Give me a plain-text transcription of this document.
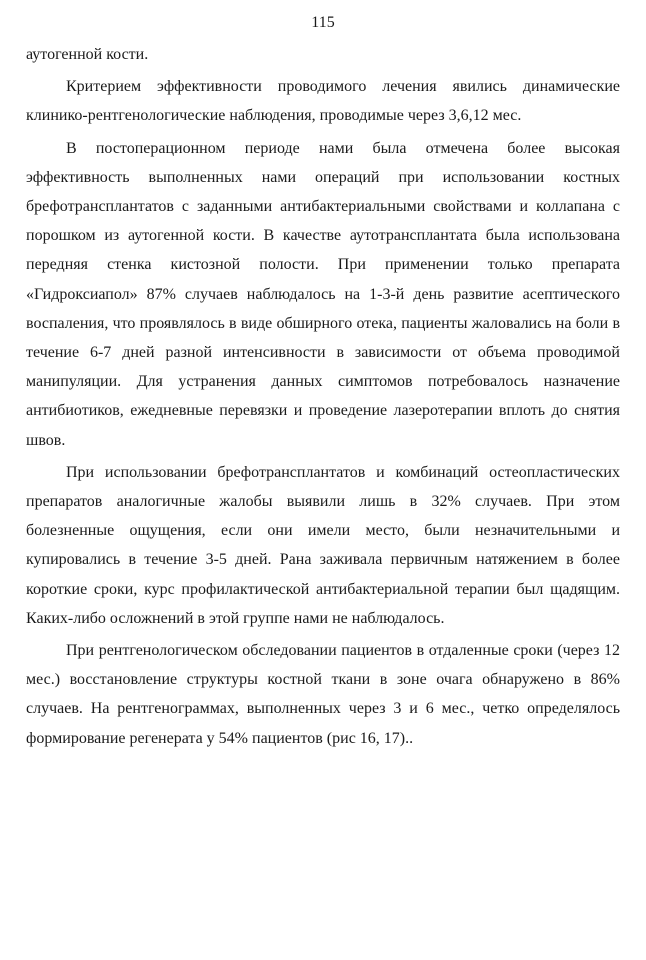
115

аутогенной кости.

Критерием эффективности проводимого лечения явились динамические клинико-рентгенологические наблюдения, проводимые через 3,6,12 мес.

В постоперационном периоде нами была отмечена более высокая эффективность выполненных нами операций при использовании костных брефотрансплантатов с заданными антибактериальными свойствами и коллапана с порошком из аутогенной кости. В качестве аутотрансплантата была использована передняя стенка кистозной полости. При применении только препарата «Гидроксиапол» 87% случаев наблюдалось на 1-3-й день развитие асептического воспаления, что проявлялось в виде обширного отека, пациенты жаловались на боли в течение 6-7 дней разной интенсивности в зависимости от объема проводимой манипуляции. Для устранения данных симптомов потребовалось назначение антибиотиков, ежедневные перевязки и проведение лазеротерапии вплоть до снятия швов.

При использовании брефотрансплантатов и комбинаций остеопластических препаратов аналогичные жалобы выявили лишь в 32% случаев. При этом болезненные ощущения, если они имели место, были незначительными и купировались в течение 3-5 дней. Рана заживала первичным натяжением в более короткие сроки, курс профилактической антибактериальной терапии был щадящим. Каких-либо осложнений в этой группе нами не наблюдалось.

При рентгенологическом обследовании пациентов в отдаленные сроки (через 12 мес.) восстановление структуры костной ткани в зоне очага обнаружено в 86% случаев. На рентгенограммах, выполненных через 3 и 6 мес., четко определялось формирование регенерата у 54% пациентов (рис 16, 17)..
